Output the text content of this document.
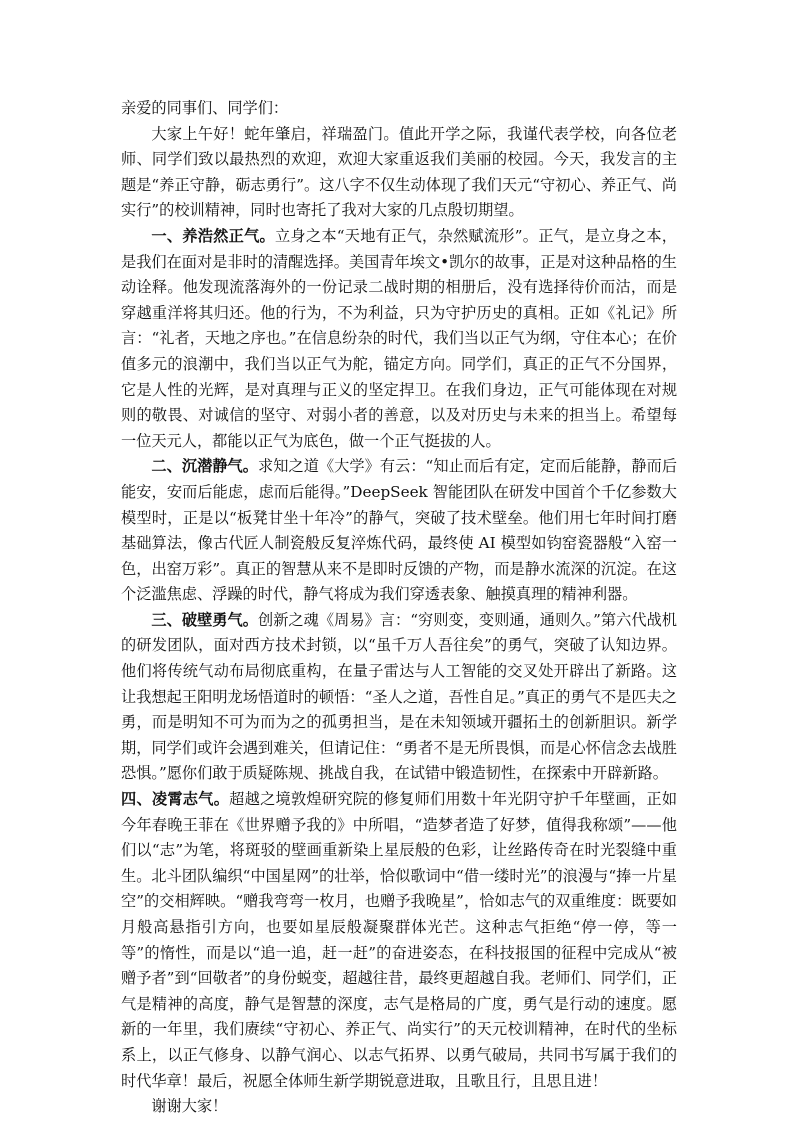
亲爱的同事们、同学们：

大家上午好！蛇年肇启，祥瑞盈门。值此开学之际，我谨代表学校，向各位老师、同学们致以最热烈的欢迎，欢迎大家重返我们美丽的校园。今天，我发言的主题是“养正守静，砺志勇行”。这八字不仅生动体现了我们天元“守初心、养正气、尚实行”的校训精神，同时也寄托了我对大家的几点殷切期望。

一、养浩然正气。立身之本“天地有正气，杂然赋流形”。正气，是立身之本，是我们在面对是非时的清醒选择。美国青年埃文•凯尔的故事，正是对这种品格的生动诠释。他发现流落海外的一份记录二战时期的相册后，没有选择待价而沽，而是穿越重洋将其归还。他的行为，不为利益，只为守护历史的真相。正如《礼记》所言：“礼者，天地之序也。”在信息纷杂的时代，我们当以正气为纲，守住本心；在价值多元的浪潮中，我们当以正气为舵，锚定方向。同学们，真正的正气不分国界，它是人性的光辉，是对真理与正义的坚定捍卫。在我们身边，正气可能体现在对规则的敬畏、对诚信的坚守、对弱小者的善意，以及对历史与未来的担当上。希望每一位天元人，都能以正气为底色，做一个正气挺拔的人。

二、沉潜静气。求知之道《大学》有云：“知止而后有定，定而后能静，静而后能安，安而后能虑，虑而后能得。”DeepSeek 智能团队在研发中国首个千亿参数大模型时，正是以“板凳甘坐十年冷”的静气，突破了技术壁垒。他们用七年时间打磨基础算法，像古代匠人制瓷般反复淬炼代码，最终使 AI 模型如钧窑瓷器般“入窑一色，出窑万彩”。真正的智慧从来不是即时反馈的产物，而是静水流深的沉淀。在这个泛滥焦虑、浮躁的时代，静气将成为我们穿透表象、触摸真理的精神利器。

三、破壁勇气。创新之魂《周易》言：“穷则变，变则通，通则久。”第六代战机的研发团队，面对西方技术封锁，以“虽千万人吾往矣”的勇气，突破了认知边界。他们将传统气动布局彻底重构，在量子雷达与人工智能的交叉处开辟出了新路。这让我想起王阳明龙场悟道时的顿悟：“圣人之道，吾性自足。”真正的勇气不是匹夫之勇，而是明知不可为而为之的孤勇担当，是在未知领域开疆拓土的创新胆识。新学期，同学们或许会遇到难关，但请记住：“勇者不是无所畏惧，而是心怀信念去战胜恐惧。”愿你们敢于质疑陈规、挑战自我，在试错中锻造韧性，在探索中开辟新路。

四、凌霄志气。超越之境敦煌研究院的修复师们用数十年光阴守护千年壁画，正如今年春晚王菲在《世界赠予我的》中所唱，“造梦者造了好梦，值得我称颂”——他们以“志”为笔，将斑驳的壁画重新染上星辰般的色彩，让丝路传奇在时光裂缝中重生。北斗团队编织“中国星网”的壮举，恰似歌词中“借一缕时光”的浪漫与“捧一片星空”的交相辉映。“赠我弯弯一枚月，也赠予我晚星”，恰如志气的双重维度：既要如月般高悬指引方向，也要如星辰般凝聚群体光芒。这种志气拒绝“停一停，等一等”的惰性，而是以“追一追，赶一赶”的奋进姿态，在科技报国的征程中完成从“被赠予者”到“回敬者”的身份蜕变，超越往昔，最终更超越自我。老师们、同学们，正气是精神的高度，静气是智慧的深度，志气是格局的广度，勇气是行动的速度。愿新的一年里，我们赓续“守初心、养正气、尚实行”的天元校训精神，在时代的坐标系上，以正气修身、以静气润心、以志气拓界、以勇气破局，共同书写属于我们的时代华章！最后，祝愿全体师生新学期锐意进取，且歌且行，且思且进！

谢谢大家！
